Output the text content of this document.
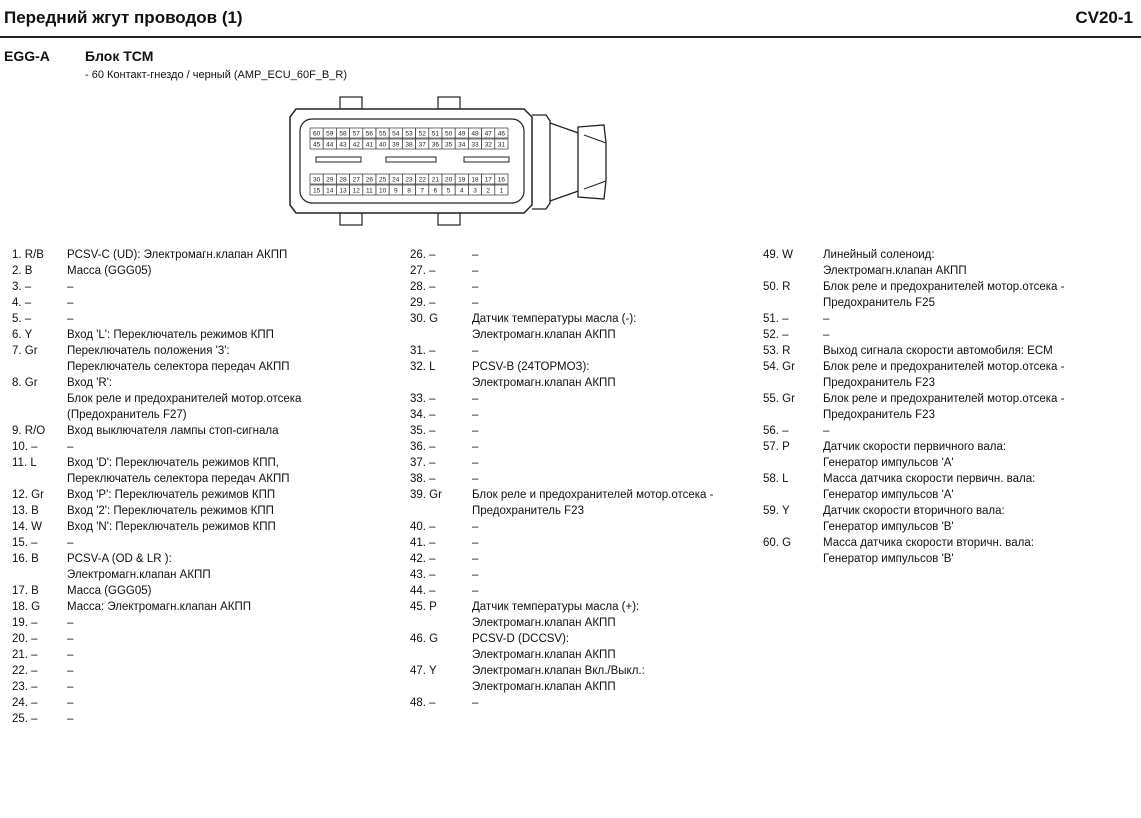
Передний жгут проводов (1)	CV20-1
EGG-A	Блок ТСМ
- 60 Контакт-гнездо / черный (AMP_ECU_60F_B_R)
60 59 58 57 56 55 54 53 52 51 50 49 48 47 46
45 44 43 42 41 40 39 38 37 36 35 34 33 32 31
30 29 28 27 26 25 24 23 22 21 20 19 18 17 16
15 14 13 12 11 10 9 8 7 6 5 4 3 2 1
1. R/B	PCSV-C (UD): Электромагн.клапан АКПП
2. B	Масса (GGG05)
3. –	–
4. –	–
5. –	–
6. Y	Вход 'L': Переключатель режимов КПП
7. Gr	Переключатель положения '3':
Переключатель селектора передач АКПП
8. Gr	Вход 'R':
Блок реле и предохранителей мотор.отсека
(Предохранитель F27)
9. R/O	Вход выключателя лампы стоп-сигнала
10. –	–
11. L	Вход 'D': Переключатель режимов КПП,
Переключатель селектора передач АКПП
12. Gr	Вход 'P': Переключатель режимов КПП
13. B	Вход '2': Переключатель режимов КПП
14. W	Вход 'N': Переключатель режимов КПП
15. –	–
16. B	PCSV-A (OD & LR ):
Электромагн.клапан АКПП
17. B	Масса (GGG05)
18. G	Масса: Электромагн.клапан АКПП
19. –	–
20. –	–
21. –	–
22. –	–
23. –	–
24. –	–
25. –	–
26. –	–
27. –	–
28. –	–
29. –	–
30. G	Датчик температуры масла (-):
Электромагн.клапан АКПП
31. –	–
32. L	PCSV-B (24ТОРМОЗ):
Электромагн.клапан АКПП
33. –	–
34. –	–
35. –	–
36. –	–
37. –	–
38. –	–
39. Gr	Блок реле и предохранителей мотор.отсека -
Предохранитель F23
40. –	–
41. –	–
42. –	–
43. –	–
44. –	–
45. P	Датчик температуры масла (+):
Электромагн.клапан АКПП
46. G	PCSV-D (DCCSV):
Электромагн.клапан АКПП
47. Y	Электромагн.клапан Вкл./Выкл.:
Электромагн.клапан АКПП
48. –	–
49. W	Линейный соленоид:
Электромагн.клапан АКПП
50. R	Блок реле и предохранителей мотор.отсека -
Предохранитель F25
51. –	–
52. –	–
53. R	Выход сигнала скорости автомобиля: ECM
54. Gr	Блок реле и предохранителей мотор.отсека -
Предохранитель F23
55. Gr	Блок реле и предохранителей мотор.отсека -
Предохранитель F23
56. –	–
57. P	Датчик скорости первичного вала:
Генератор импульсов 'A'
58. L	Масса датчика скорости первичн. вала:
Генератор импульсов 'A'
59. Y	Датчик скорости вторичного вала:
Генератор импульсов 'B'
60. G	Масса датчика скорости вторичн. вала:
Генератор импульсов 'B'
